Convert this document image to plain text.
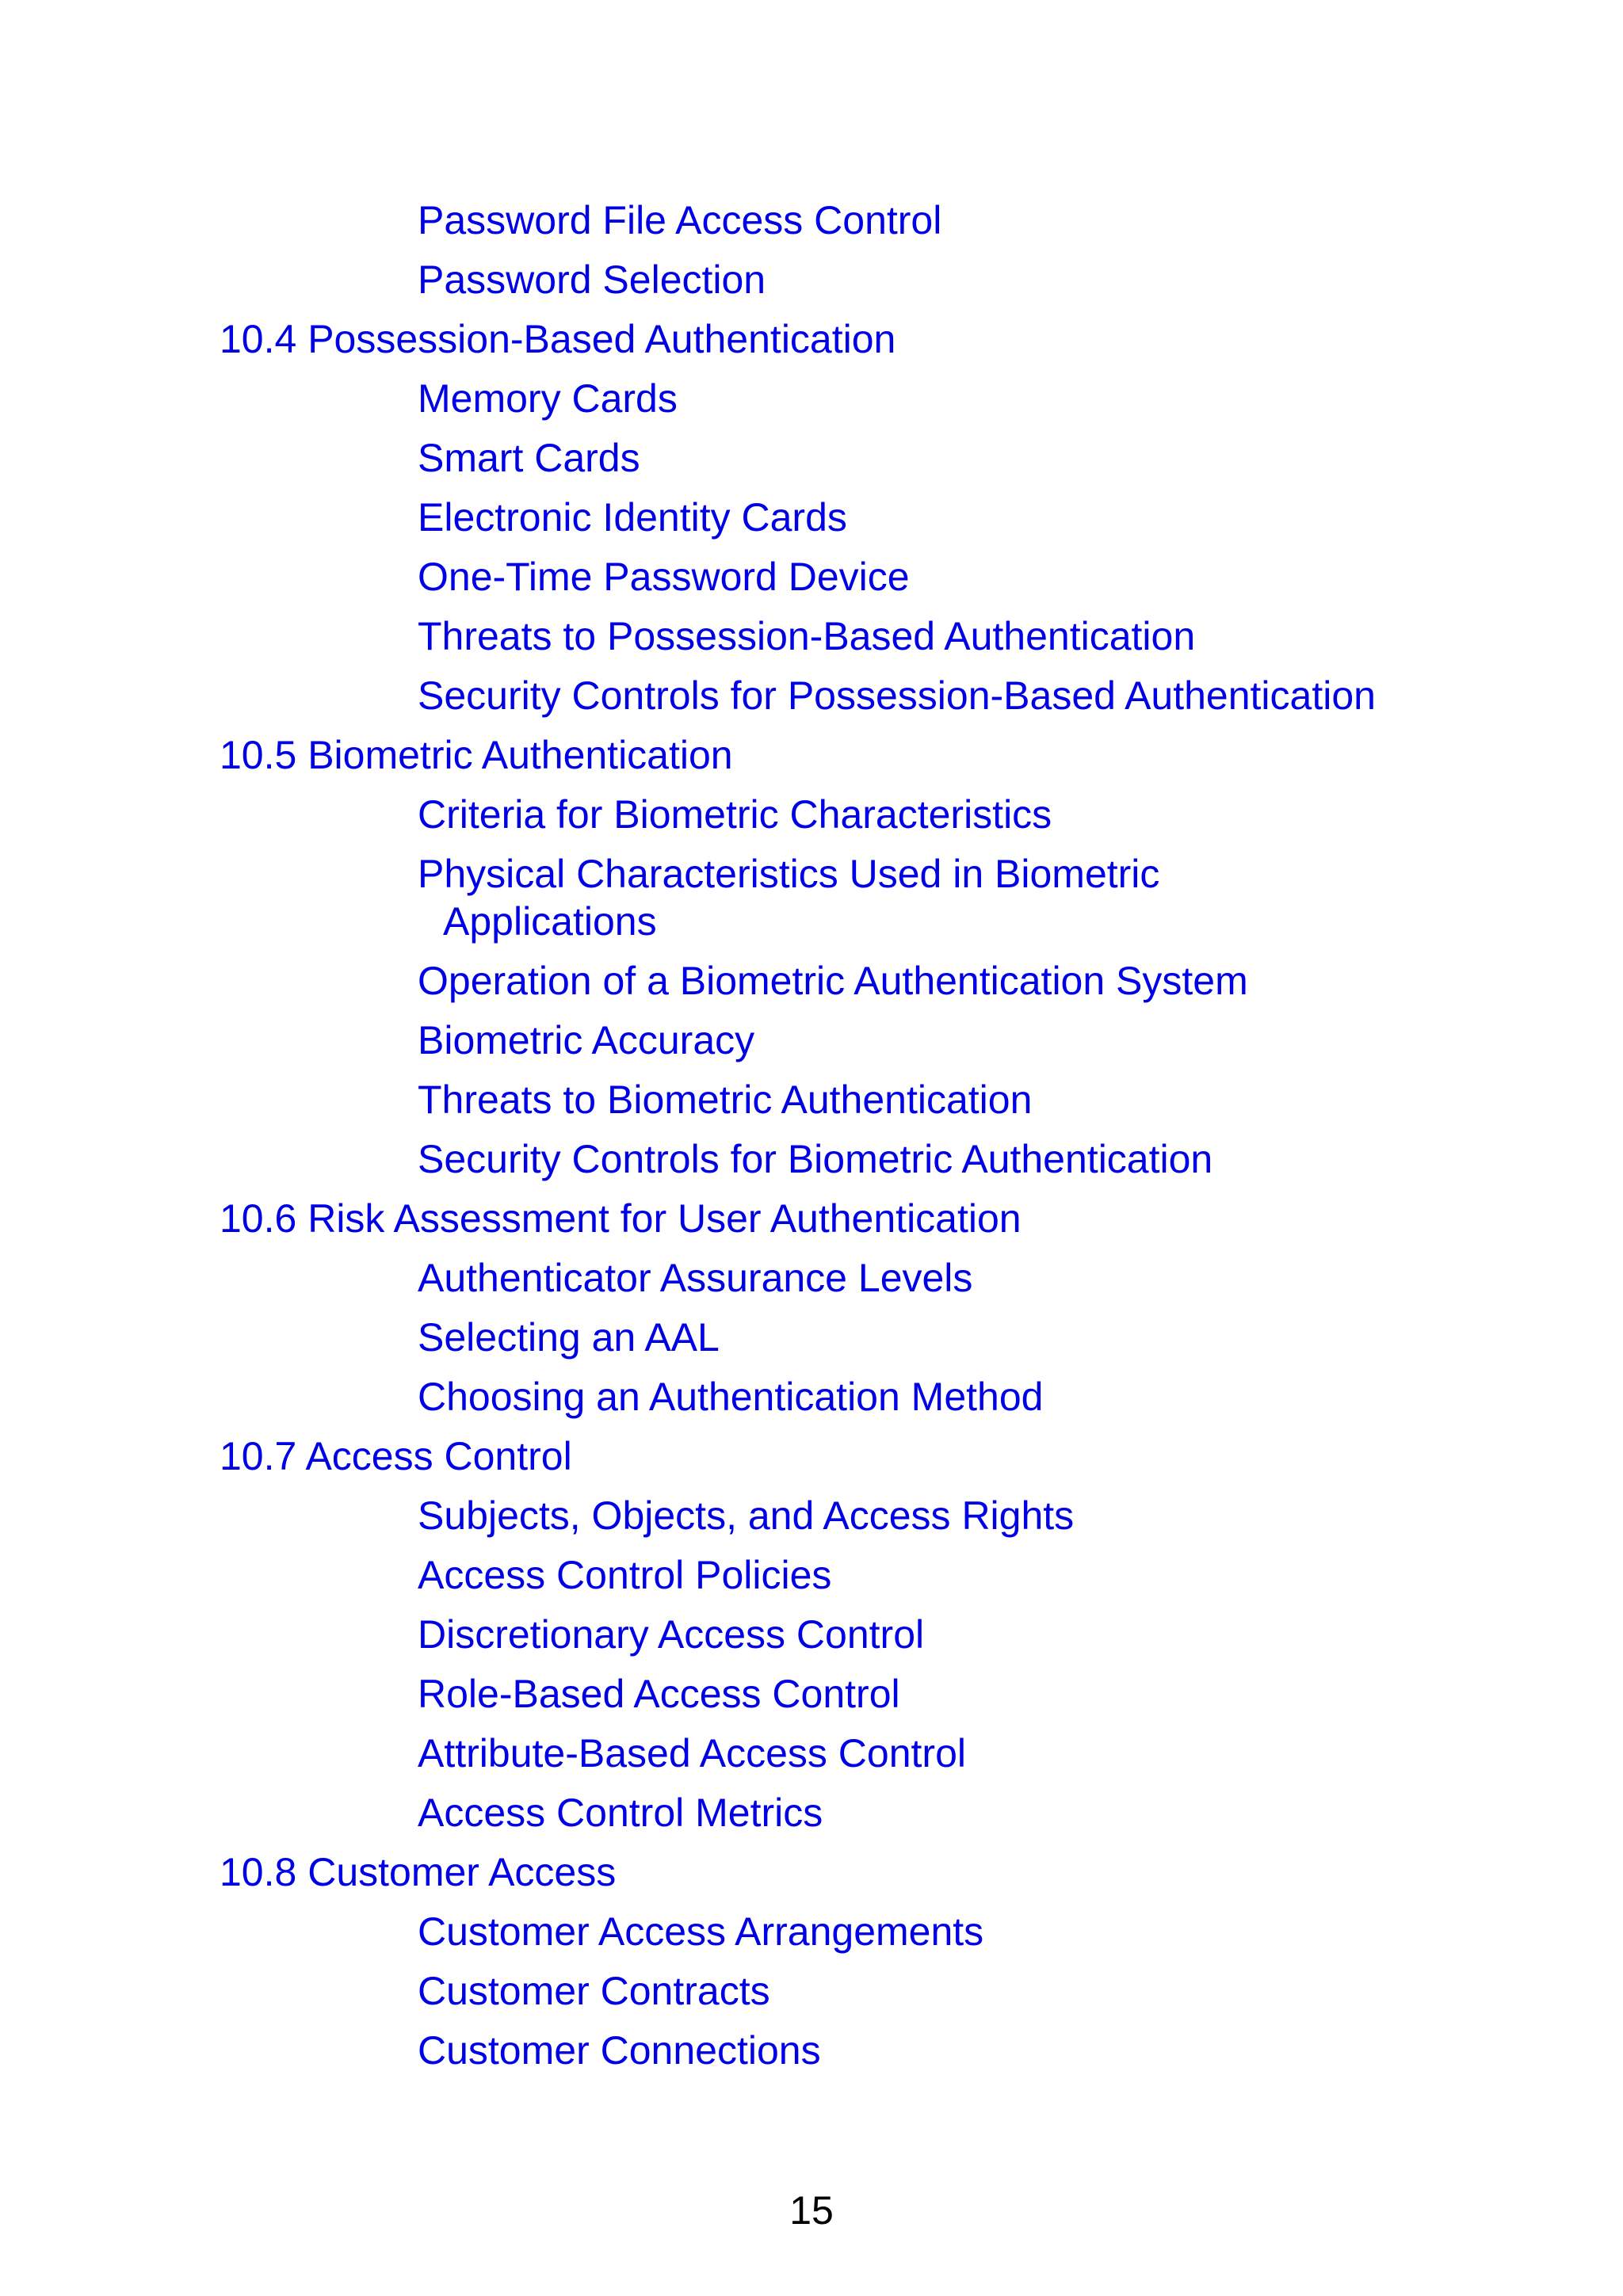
Password File Access Control
Password Selection
10.4 Possession-Based Authentication
Memory Cards
Smart Cards
Electronic Identity Cards
One-Time Password Device
Threats to Possession-Based Authentication
Security Controls for Possession-Based Authentication
10.5 Biometric Authentication
Criteria for Biometric Characteristics
Physical Characteristics Used in Biometric
Applications
Operation of a Biometric Authentication System
Biometric Accuracy
Threats to Biometric Authentication
Security Controls for Biometric Authentication
10.6 Risk Assessment for User Authentication
Authenticator Assurance Levels
Selecting an AAL
Choosing an Authentication Method
10.7 Access Control
Subjects, Objects, and Access Rights
Access Control Policies
Discretionary Access Control
Role-Based Access Control
Attribute-Based Access Control
Access Control Metrics
10.8 Customer Access
Customer Access Arrangements
Customer Contracts
Customer Connections
15
